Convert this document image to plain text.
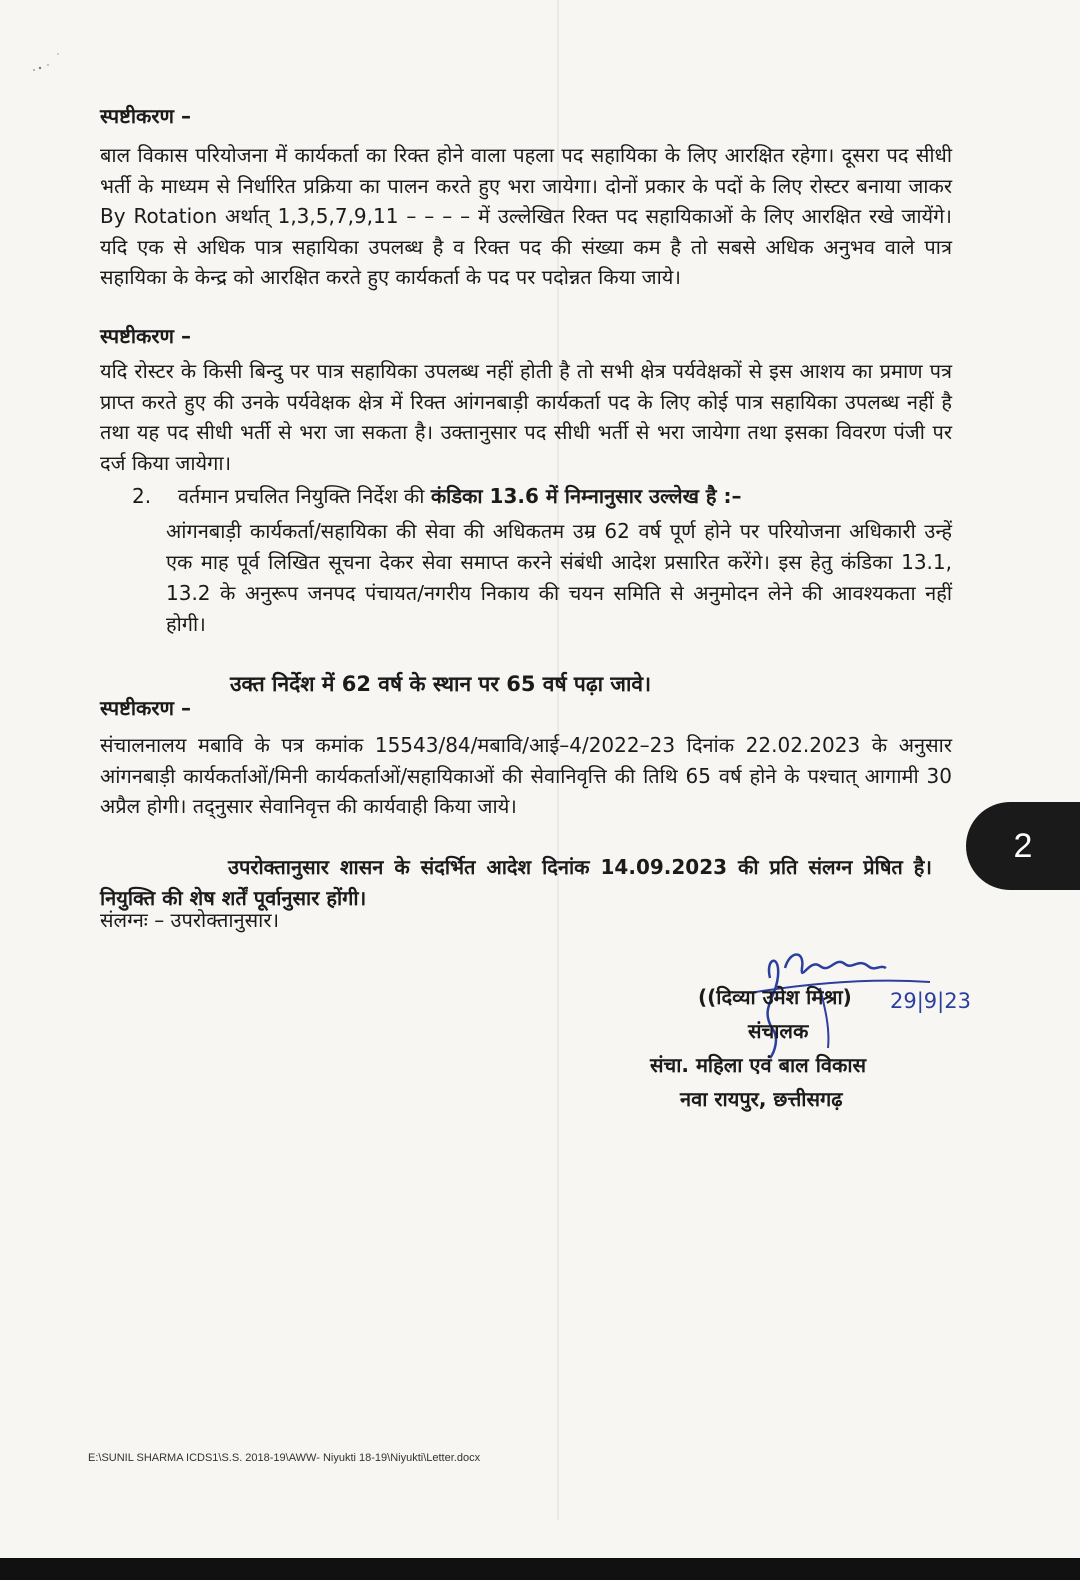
स्पष्टीकरण –

बाल विकास परियोजना में कार्यकर्ता का रिक्त होने वाला पहला पद सहायिका के लिए आरक्षित रहेगा। दूसरा पद सीधी भर्ती के माध्यम से निर्धारित प्रक्रिया का पालन करते हुए भरा जायेगा। दोनों प्रकार के पदों के लिए रोस्टर बनाया जाकर By Rotation अर्थात् 1,3,5,7,9,11 – – – – में उल्लेखित रिक्त पद सहायिकाओं के लिए आरक्षित रखे जायेंगे। यदि एक से अधिक पात्र सहायिका उपलब्ध है व रिक्त पद की संख्या कम है तो सबसे अधिक अनुभव वाले पात्र सहायिका के केन्द्र को आरक्षित करते हुए कार्यकर्ता के पद पर पदोन्नत किया जाये।

स्पष्टीकरण –

यदि रोस्टर के किसी बिन्दु पर पात्र सहायिका उपलब्ध नहीं होती है तो सभी क्षेत्र पर्यवेक्षकों से इस आशय का प्रमाण पत्र प्राप्त करते हुए की उनके पर्यवेक्षक क्षेत्र में रिक्त आंगनबाड़ी कार्यकर्ता पद के लिए कोई पात्र सहायिका उपलब्ध नहीं है तथा यह पद सीधी भर्ती से भरा जा सकता है। उक्तानुसार पद सीधी भर्ती से भरा जायेगा तथा इसका विवरण पंजी पर दर्ज किया जायेगा।

2. वर्तमान प्रचलित नियुक्ति निर्देश की कंडिका 13.6 में निम्नानुसार उल्लेख है :–

आंगनबाड़ी कार्यकर्ता/सहायिका की सेवा की अधिकतम उम्र 62 वर्ष पूर्ण होने पर परियोजना अधिकारी उन्हें एक माह पूर्व लिखित सूचना देकर सेवा समाप्त करने संबंधी आदेश प्रसारित करेंगे। इस हेतु कंडिका 13.1, 13.2 के अनुरूप जनपद पंचायत/नगरीय निकाय की चयन समिति से अनुमोदन लेने की आवश्यकता नहीं होगी।

उक्त निर्देश में 62 वर्ष के स्थान पर 65 वर्ष पढ़ा जावे।

स्पष्टीकरण –

संचालनालय मबावि के पत्र कमांक 15543/84/मबावि/आई–4/2022–23 दिनांक 22.02.2023 के अनुसार आंगनबाड़ी कार्यकर्ताओं/मिनी कार्यकर्ताओं/सहायिकाओं की सेवानिवृत्ति की तिथि 65 वर्ष होने के पश्चात् आगामी 30 अप्रैल होगी। तद्नुसार सेवानिवृत्त की कार्यवाही किया जाये।

उपरोक्तानुसार शासन के संदर्भित आदेश दिनांक 14.09.2023 की प्रति संलग्न प्रेषित है। नियुक्ति की शेष शर्तें पूर्वानुसार होंगी।

संलग्नः – उपरोक्तानुसार।

29|9|23

((दिव्या उमेश मिश्रा)

संचालक

संचा. महिला एवं बाल विकास

नवा रायपुर, छत्तीसगढ़

2
E:\SUNIL SHARMA ICDS1\S.S. 2018-19\AWW- Niyukti 18-19\Niyukti\Letter.docx
